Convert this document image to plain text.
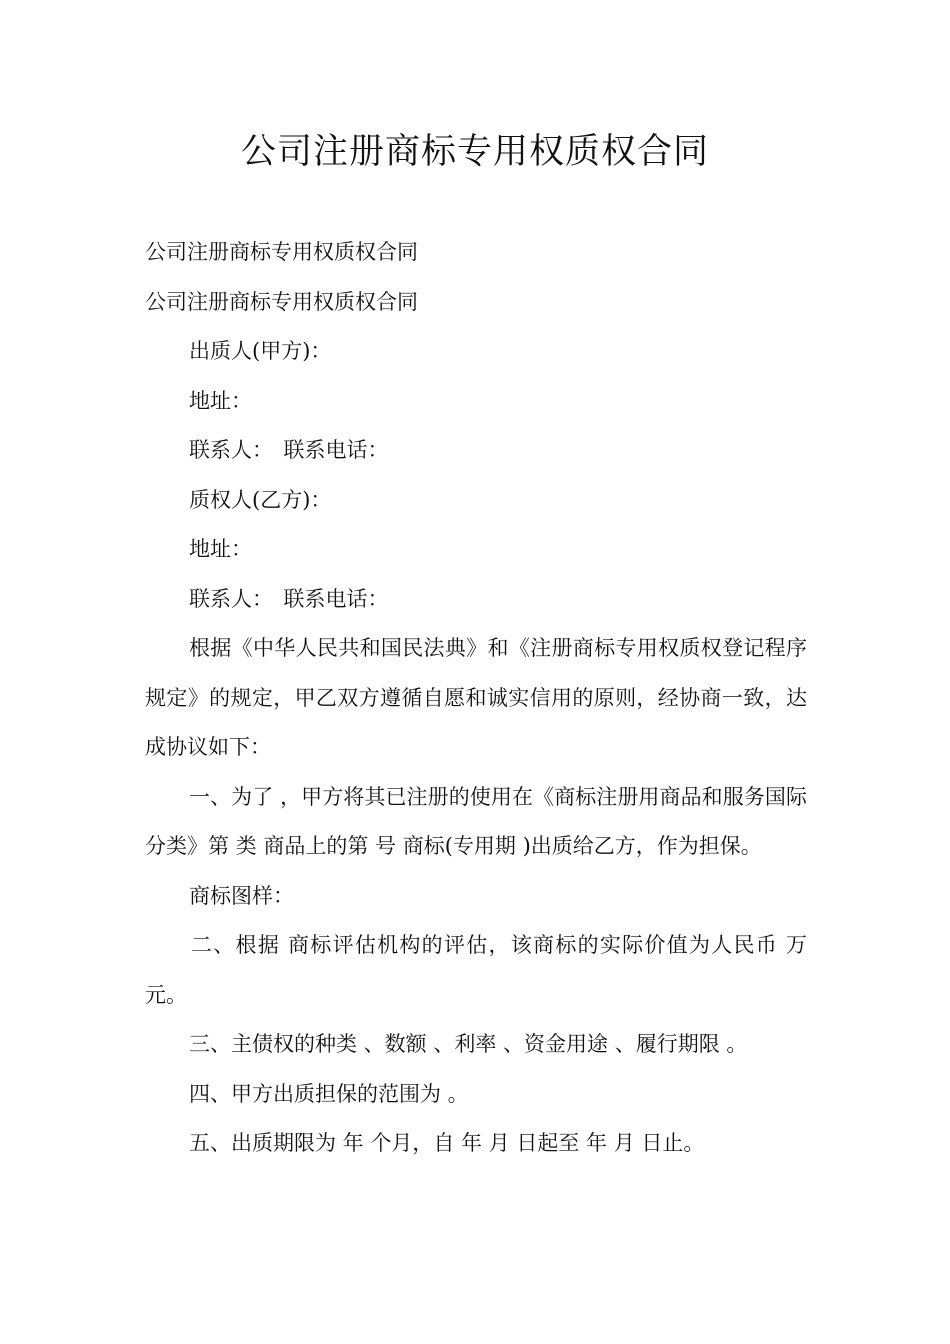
公司注册商标专用权质权合同

公司注册商标专用权质权合同

公司注册商标专用权质权合同

出质人(甲方)：

地址：

联系人：　联系电话：

质权人(乙方)：

地址：

联系人：　联系电话：

根据《中华人民共和国民法典》和《注册商标专用权质权登记程序规定》的规定，甲乙双方遵循自愿和诚实信用的原则，经协商一致，达成协议如下：

一、为了 ，甲方将其已注册的使用在《商标注册用商品和服务国际分类》第 类 商品上的第 号 商标(专用期 )出质给乙方，作为担保。

商标图样：

二、根据 商标评估机构的评估，该商标的实际价值为人民币 万元。

三、主债权的种类 、数额 、利率 、资金用途 、履行期限 。

四、甲方出质担保的范围为 。

五、出质期限为 年 个月，自 年 月 日起至 年 月 日止。
